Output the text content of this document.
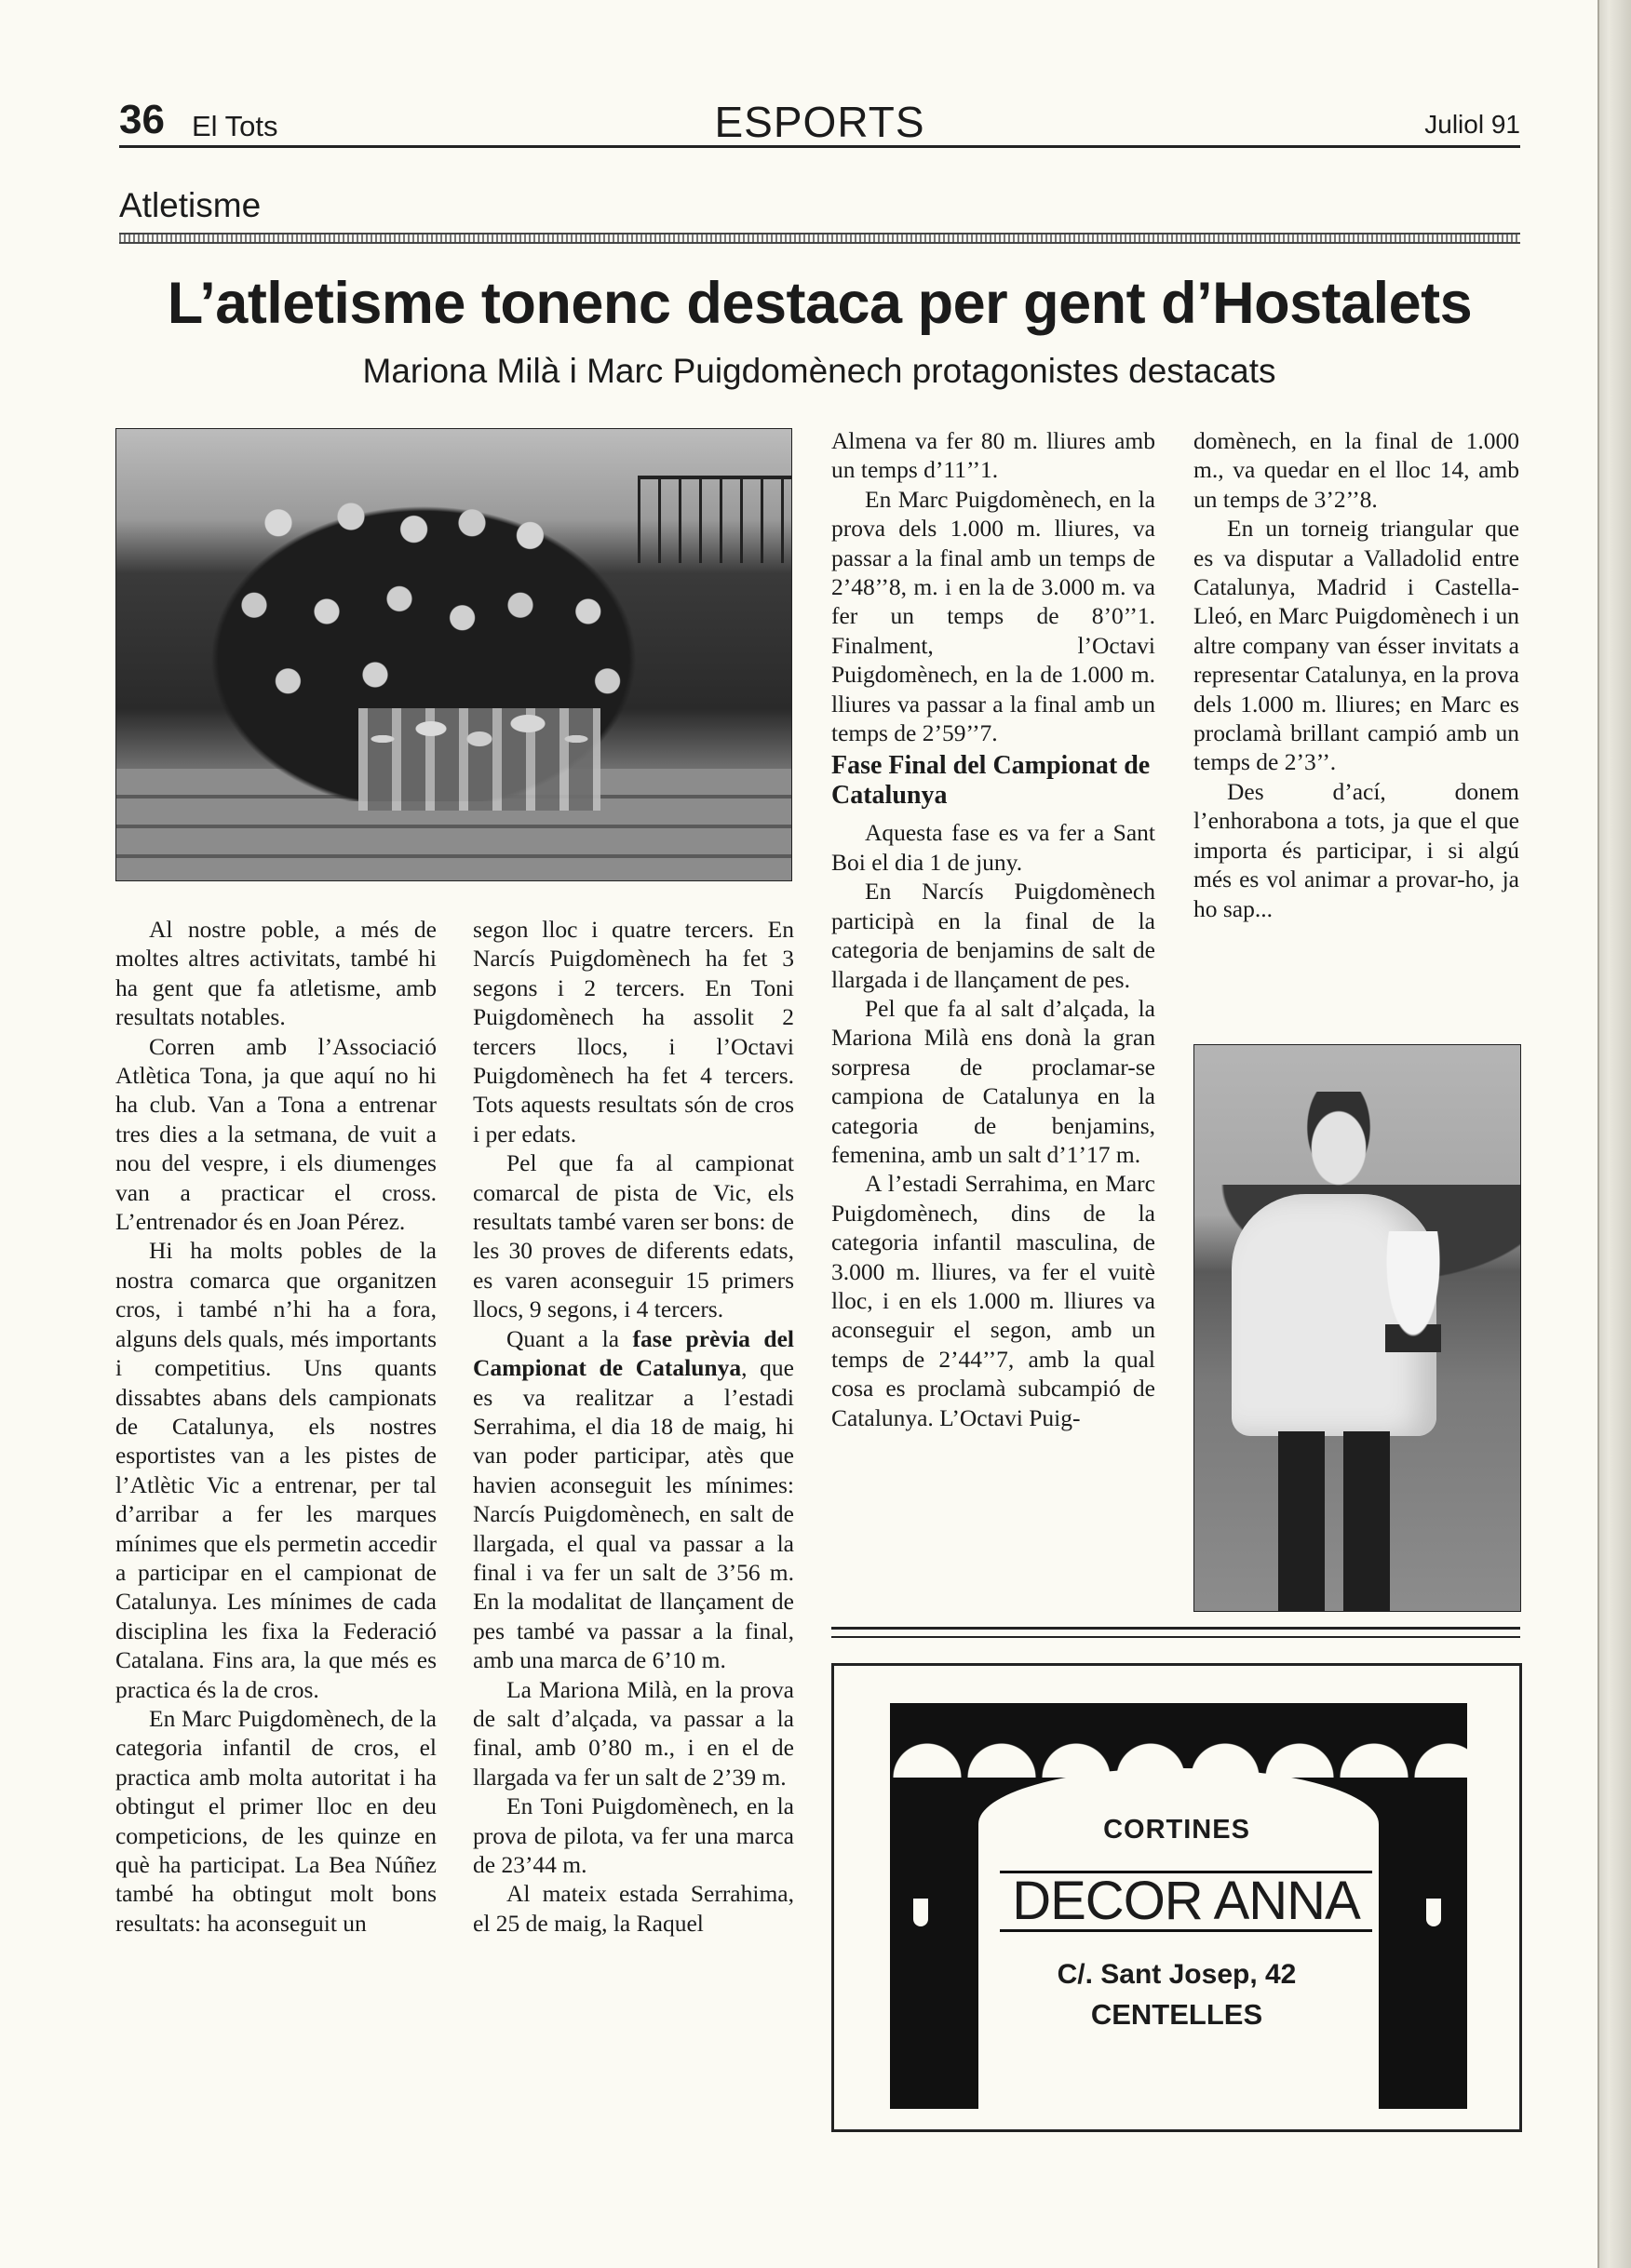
36 El Tots	ESPORTS	Juliol 91
Atletisme
L’atletisme tonenc destaca per gent d’Hostalets
Mariona Milà i Marc Puigdomènech protagonistes destacats

Al nostre poble, a més de moltes altres activitats, també hi ha gent que fa atletisme, amb resultats notables.

Corren amb l’Associació Atlètica Tona, ja que aquí no hi ha club. Van a Tona a entrenar tres dies a la setmana, de vuit a nou del vespre, i els diumenges van a practicar el cross. L’entrenador és en Joan Pérez.

Hi ha molts pobles de la nostra comarca que organitzen cros, i també n’hi ha a fora, alguns dels quals, més importants i competitius. Uns quants dissabtes abans dels campionats de Catalunya, els nostres esportistes van a les pistes de l’Atlètic Vic a entrenar, per tal d’arribar a fer les marques mínimes que els permetin accedir a participar en el campionat de Catalunya. Les mínimes de cada disciplina les fixa la Federació Catalana. Fins ara, la que més es practica és la de cros.

En Marc Puigdomènech, de la categoria infantil de cros, el practica amb molta autoritat i ha obtingut el primer lloc en deu competicions, de les quinze en què ha participat. La Bea Núñez també ha obtingut molt bons resultats: ha aconseguit un

segon lloc i quatre tercers. En Narcís Puigdomènech ha fet 3 segons i 2 tercers. En Toni Puigdomènech ha assolit 2 tercers llocs, i l’Octavi Puigdomènech ha fet 4 tercers. Tots aquests resultats són de cros i per edats.

Pel que fa al campionat comarcal de pista de Vic, els resultats també varen ser bons: de les 30 proves de diferents edats, es varen aconseguir 15 primers llocs, 9 segons, i 4 tercers.

Quant a la fase prèvia del Campionat de Catalunya, que es va realitzar a l’estadi Serrahima, el dia 18 de maig, hi van poder participar, atès que havien aconseguit les mínimes: Narcís Puigdomènech, en salt de llargada, el qual va passar a la final i va fer un salt de 3’56 m. En la modalitat de llançament de pes també va passar a la final, amb una marca de 6’10 m.

La Mariona Milà, en la prova de salt d’alçada, va passar a la final, amb 0’80 m., i en el de llargada va fer un salt de 2’39 m.

En Toni Puigdomènech, en la prova de pilota, va fer una marca de 23’44 m.

Al mateix estada Serrahima, el 25 de maig, la Raquel

Almena va fer 80 m. lliures amb un temps d’11’’1.

En Marc Puigdomènech, en la prova dels 1.000 m. lliures, va passar a la final amb un temps de 2’48’’8, m. i en la de 3.000 m. va fer un temps de 8’0’’1. Finalment, l’Octavi Puigdomènech, en la de 1.000 m. lliures va passar a la final amb un temps de 2’59’’7.

Fase Final del Campionat de Catalunya

Aquesta fase es va fer a Sant Boi el dia 1 de juny.

En Narcís Puigdomènech participà en la final de la categoria de benjamins de salt de llargada i de llançament de pes.

Pel que fa al salt d’alçada, la Mariona Milà ens donà la gran sorpresa de proclamar-se campiona de Catalunya en la categoria de benjamins, femenina, amb un salt d’1’17 m.

A l’estadi Serrahima, en Marc Puigdomènech, dins de la categoria infantil masculina, de 3.000 m. lliures, va fer el vuitè lloc, i en els 1.000 m. lliures va aconseguir el segon, amb un temps de 2’44’’7, amb la qual cosa es proclamà subcampió de Catalunya. L’Octavi Puig-

domènech, en la final de 1.000 m., va quedar en el lloc 14, amb un temps de 3’2’’8.

En un torneig triangular que es va disputar a Valladolid entre Catalunya, Madrid i Castella-Lleó, en Marc Puigdomènech i un altre company van ésser invitats a representar Catalunya, en la prova dels 1.000 m. lliures; en Marc es proclamà brillant campió amb un temps de 2’3’’.

Des d’ací, donem l’enhorabona a tots, ja que el que importa és participar, i si algú més es vol animar a provar-ho, ja ho sap...

CORTINES
DECOR ANNA
C/. Sant Josep, 42
CENTELLES
